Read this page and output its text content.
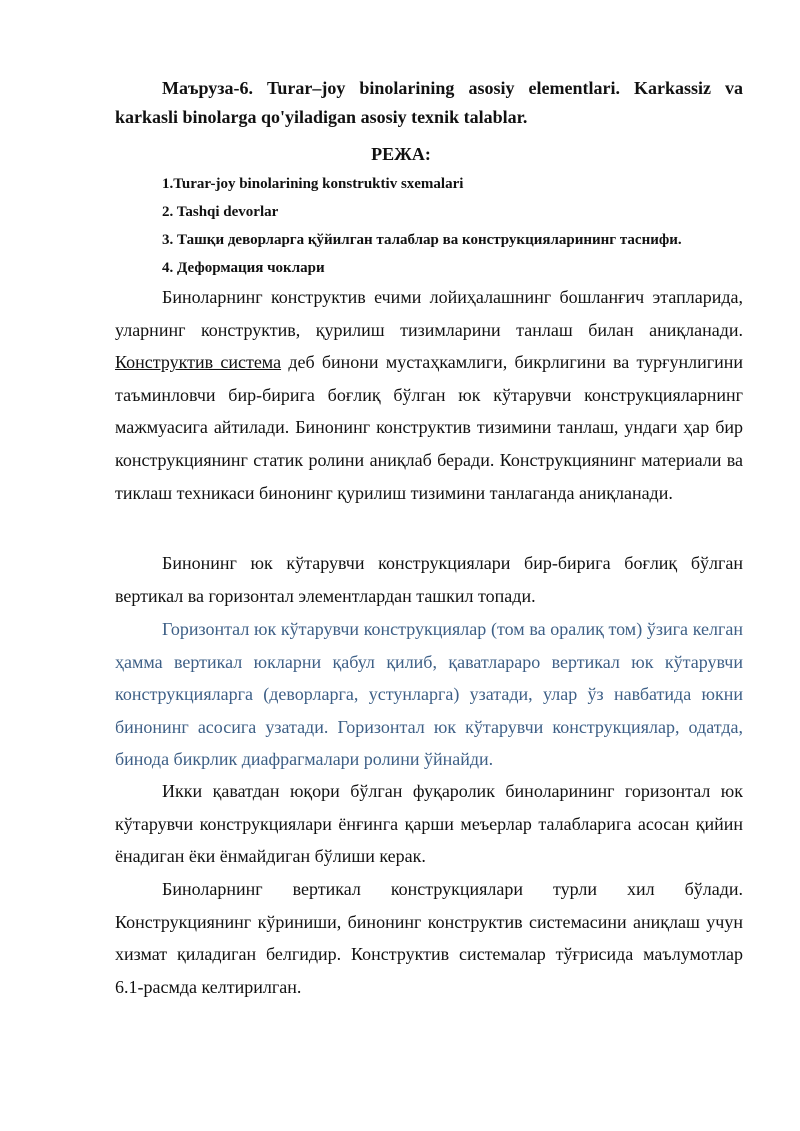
Маъруза-6. Turar–joy binolarining asosiy elementlari. Karkassiz va karkasli binolarga qo'yiladigan asosiy texnik talablar.
РЕЖА:
1.Turar-joy binolarining konstruktiv sxemalari
2. Tashqi devorlar
3. Ташқи деворларга қўйилган талаблар ва конструкцияларининг таснифи.
4. Деформация чоклари
Биноларнинг конструктив ечими лойиҳалашнинг бошланғич этапларида, уларнинг конструктив, қурилиш тизимларини танлаш билан аниқланади. Конструктив система деб бинони мустаҳкамлиги, бикрлигини ва турғунлигини таъминловчи бир-бирига боғлиқ бўлган юк кўтарувчи конструкцияларнинг мажмуасига айтилади. Бинонинг конструктив тизимини танлаш, ундаги ҳар бир конструкциянинг статик ролини аниқлаб беради. Конструкциянинг материали ва тиклаш техникаси бинонинг қурилиш тизимини танлаганда аниқланади.
Бинонинг юк кўтарувчи конструкциялари бир-бирига боғлиқ бўлган вертикал ва горизонтал элементлардан ташкил топади.
Горизонтал юк кўтарувчи конструкциялар (том ва оралиқ том) ўзига келган ҳамма вертикал юкларни қабул қилиб, қаватлараро вертикал юк кўтарувчи конструкцияларга (деворларга, устунларга) узатади, улар ўз навбатида юкни бинонинг асосига узатади. Горизонтал юк кўтарувчи конструкциялар, одатда, бинода бикрлик диафрагмалари ролини ўйнайди.
Икки қаватдан юқори бўлган фуқаролик биноларининг горизонтал юк кўтарувчи конструкциялари ёнғинга қарши меъерлар талабларига асосан қийин ёнадиган ёки ёнмайдиган бўлиши керак.
Биноларнинг вертикал конструкциялари турли хил бўлади. Конструкциянинг кўриниши, бинонинг конструктив системасини аниқлаш учун хизмат қиладиган белгидир. Конструктив системалар тўғрисида маълумотлар 6.1-расмда келтирилган.
